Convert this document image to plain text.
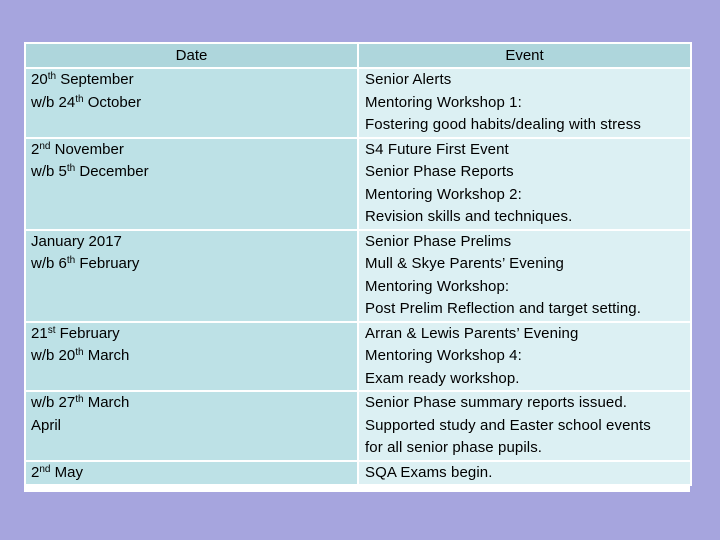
Date	Event

20th September
w/b 24th October	Senior Alerts
Mentoring Workshop 1:
Fostering good habits/dealing with stress

2nd November
w/b 5th December	S4 Future First Event
Senior Phase Reports
Mentoring Workshop 2:
Revision skills and techniques.

January 2017
w/b 6th February	Senior Phase Prelims
Mull & Skye Parents’ Evening
Mentoring Workshop:
Post Prelim Reflection and target setting.

21st February
w/b 20th March	Arran & Lewis Parents’ Evening
Mentoring Workshop 4:
Exam ready workshop.

w/b 27th March
April	Senior Phase summary reports issued.
Supported study and Easter school events
for all senior phase pupils.

2nd May	SQA Exams begin.
